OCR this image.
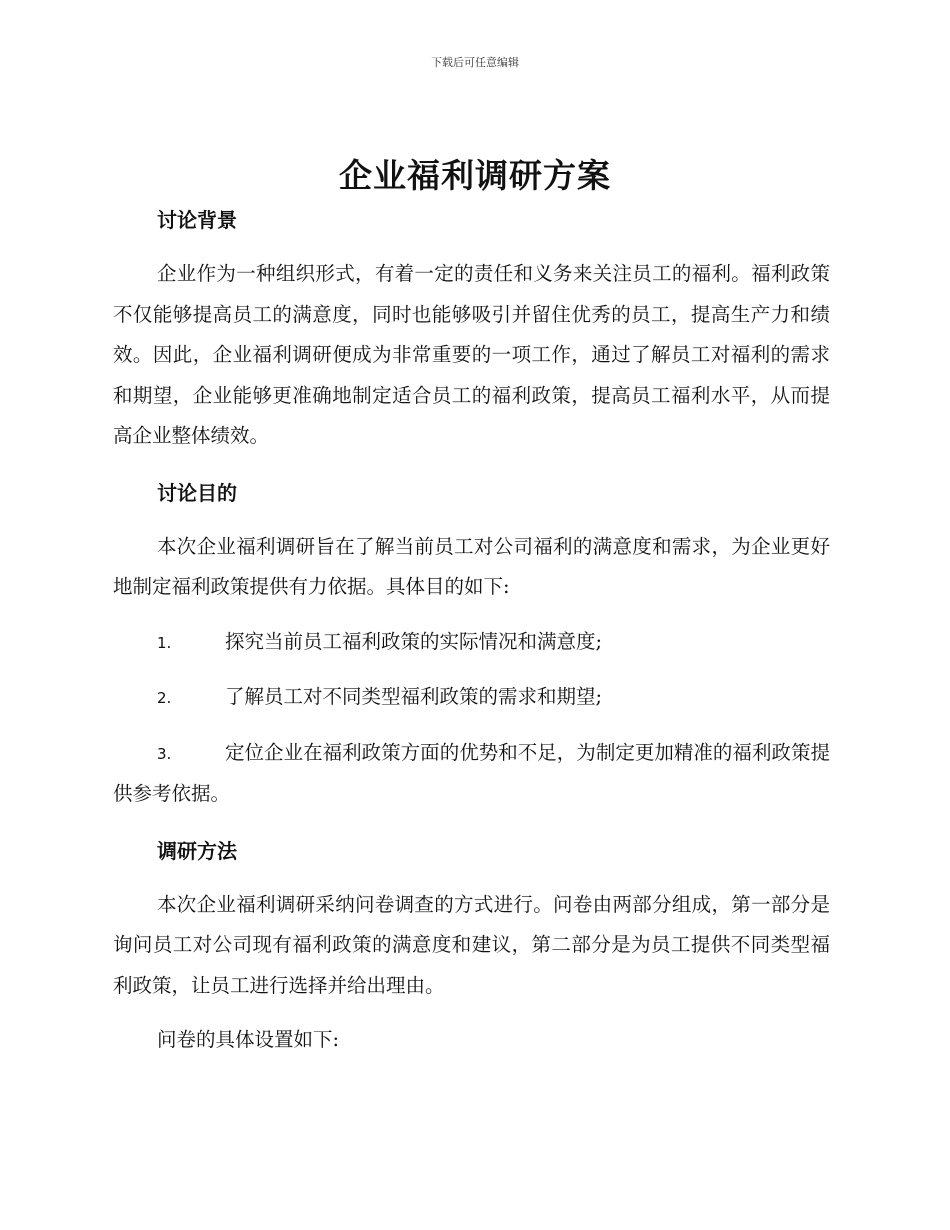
下载后可任意编辑
企业福利调研方案
讨论背景

企业作为一种组织形式，有着一定的责任和义务来关注员工的福利。福利政策不仅能够提高员工的满意度，同时也能够吸引并留住优秀的员工，提高生产力和绩效。因此，企业福利调研便成为非常重要的一项工作，通过了解员工对福利的需求和期望，企业能够更准确地制定适合员工的福利政策，提高员工福利水平，从而提高企业整体绩效。

讨论目的

本次企业福利调研旨在了解当前员工对公司福利的满意度和需求，为企业更好地制定福利政策提供有力依据。具体目的如下:

1.	探究当前员工福利政策的实际情况和满意度;

2.	了解员工对不同类型福利政策的需求和期望;

3.	定位企业在福利政策方面的优势和不足，为制定更加精准的福利政策提供参考依据。

调研方法

本次企业福利调研采纳问卷调查的方式进行。问卷由两部分组成，第一部分是询问员工对公司现有福利政策的满意度和建议，第二部分是为员工提供不同类型福利政策，让员工进行选择并给出理由。

问卷的具体设置如下:
